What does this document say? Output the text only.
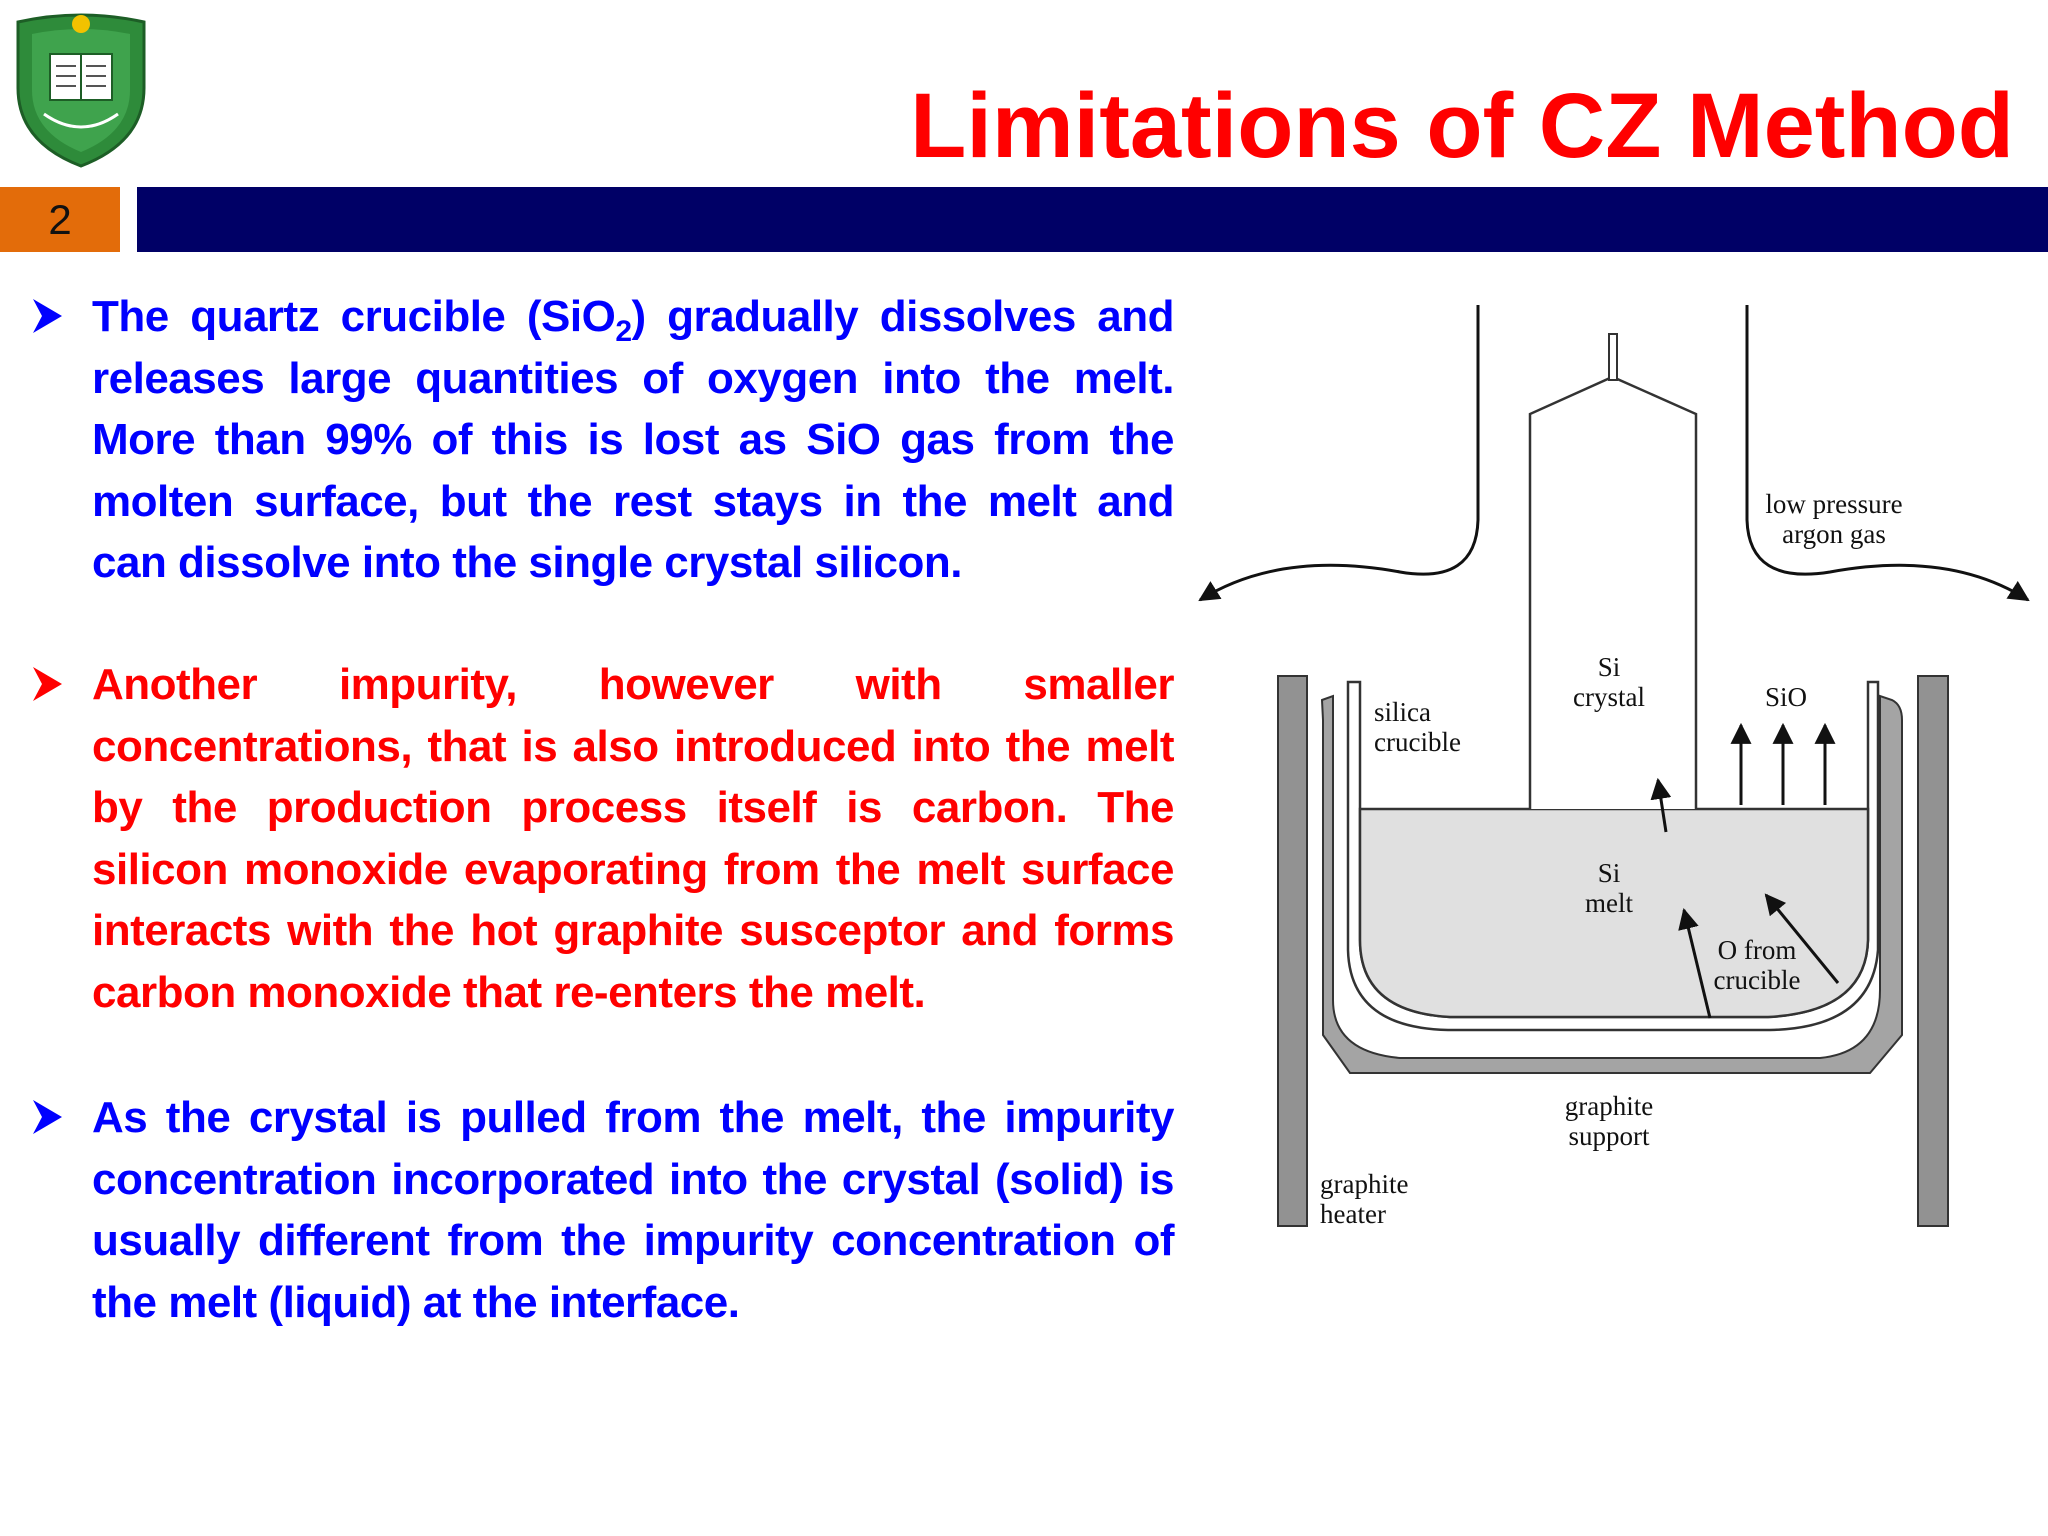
Limitations of CZ Method
2

The quartz crucible (SiO$_2$) gradually dissolves and releases large quantities of oxygen into the melt. More than 99% of this is lost as SiO gas from the molten surface, but the rest stays in the melt and can dissolve into the single crystal silicon.

Another impurity, however with smaller concentrations, that is also introduced into the melt by the production process itself is carbon. The silicon monoxide evaporating from the melt surface interacts with the hot graphite susceptor and forms carbon monoxide that re-enters the melt.

As the crystal is pulled from the melt, the impurity concentration incorporated into the crystal (solid) is usually different from the impurity concentration of the melt (liquid) at the interface.

low pressure argon gas
Si crystal
silica crucible
SiO
Si melt
O from crucible
graphite support
graphite heater
